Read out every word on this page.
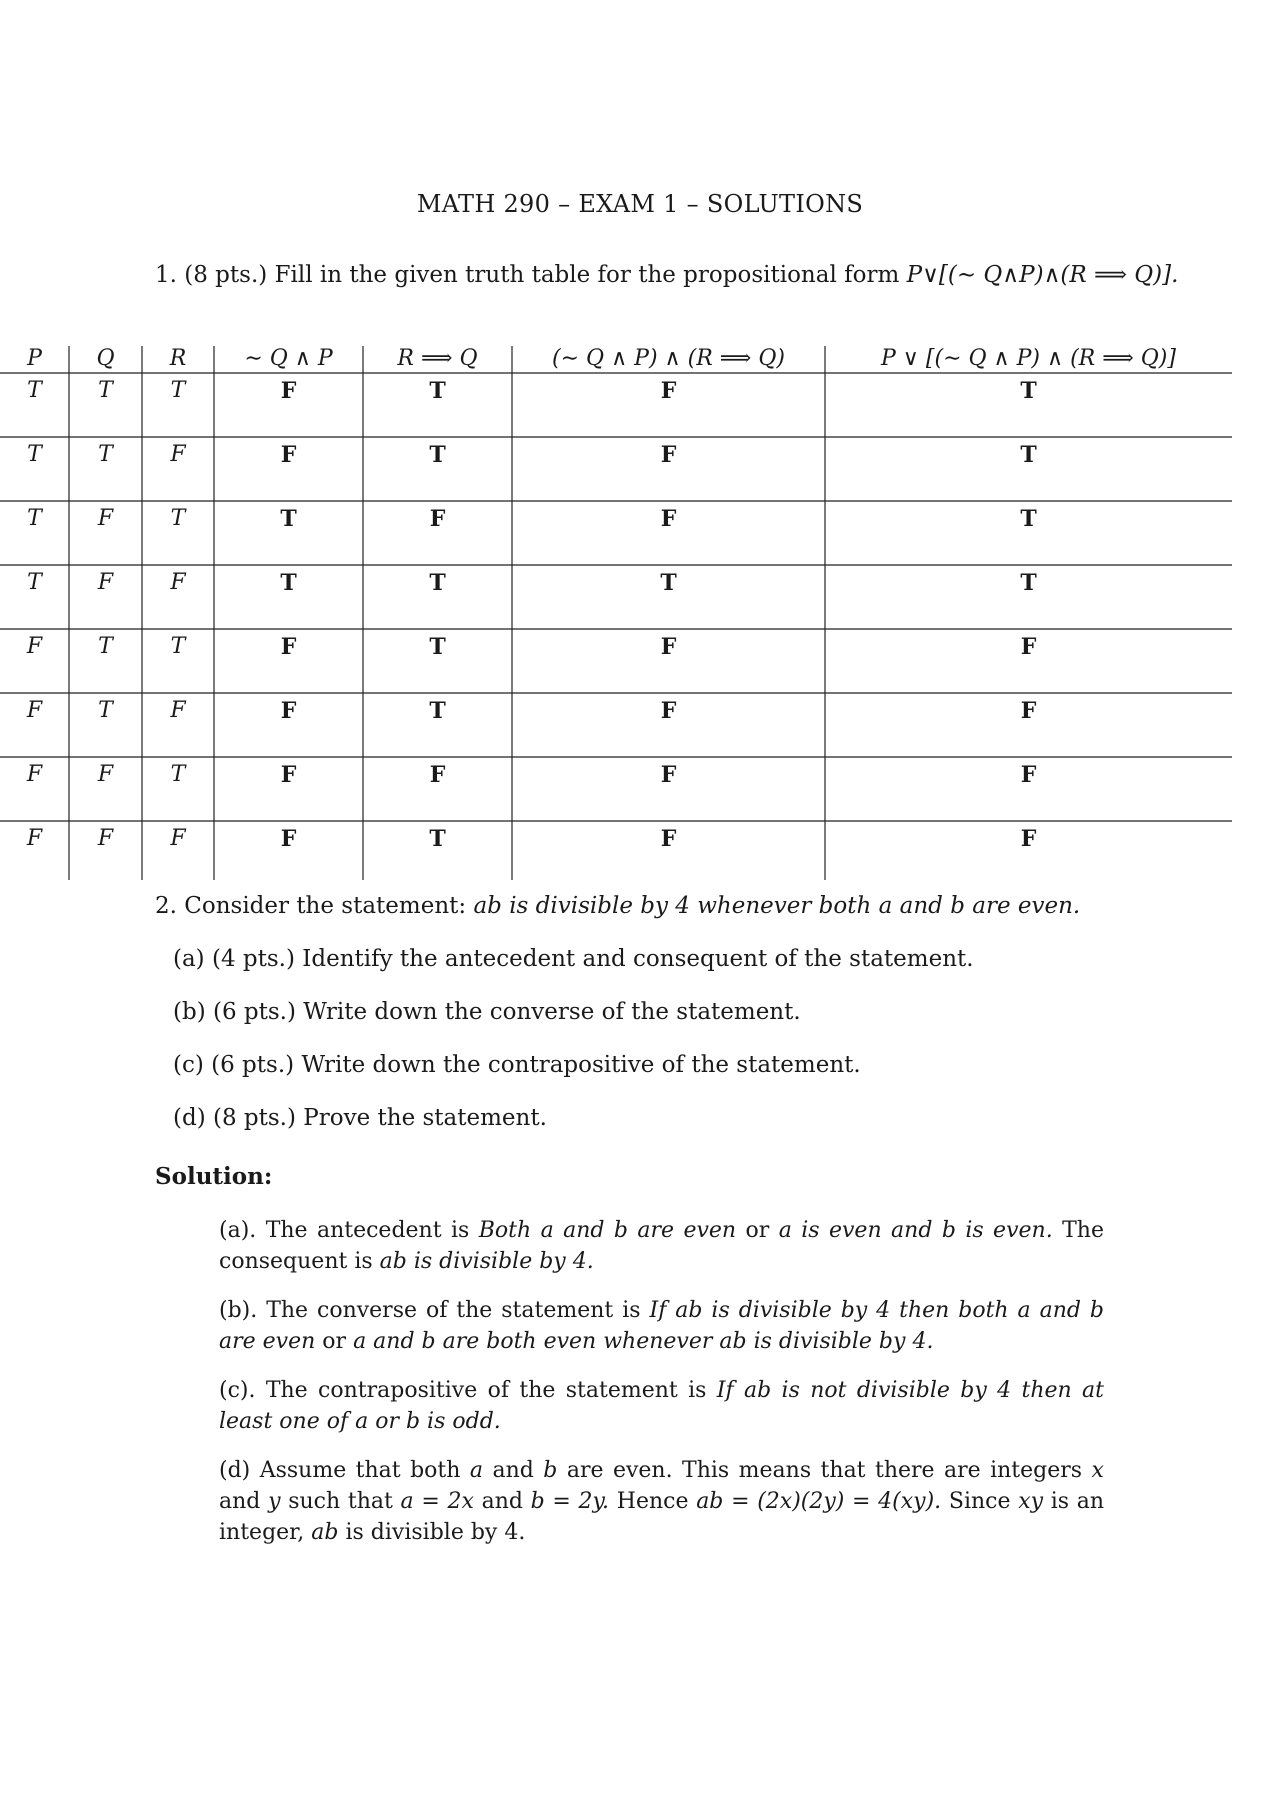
MATH 290 – EXAM 1 – SOLUTIONS
1. (8 pts.) Fill in the given truth table for the propositional form P∨[(∼ Q∧P)∧(R ⟹ Q)].
P	Q	R	∼ Q ∧ P	R ⟹ Q	(∼ Q ∧ P) ∧ (R ⟹ Q)	P ∨ [(∼ Q ∧ P) ∧ (R ⟹ Q)]
T	T	T	F	T	F	T
T	T	F	F	T	F	T
T	F	T	T	F	F	T
T	F	F	T	T	T	T
F	T	T	F	T	F	F
F	T	F	F	T	F	F
F	F	T	F	F	F	F
F	F	F	F	T	F	F
2. Consider the statement: ab is divisible by 4 whenever both a and b are even.
(a) (4 pts.) Identify the antecedent and consequent of the statement.
(b) (6 pts.) Write down the converse of the statement.
(c) (6 pts.) Write down the contrapositive of the statement.
(d) (8 pts.) Prove the statement.
Solution:
(a). The antecedent is Both a and b are even or a is even and b is even. The consequent is ab is divisible by 4.
(b). The converse of the statement is If ab is divisible by 4 then both a and b are even or a and b are both even whenever ab is divisible by 4.
(c). The contrapositive of the statement is If ab is not divisible by 4 then at least one of a or b is odd.
(d) Assume that both a and b are even. This means that there are integers x and y such that a = 2x and b = 2y. Hence ab = (2x)(2y) = 4(xy). Since xy is an integer, ab is divisible by 4.
